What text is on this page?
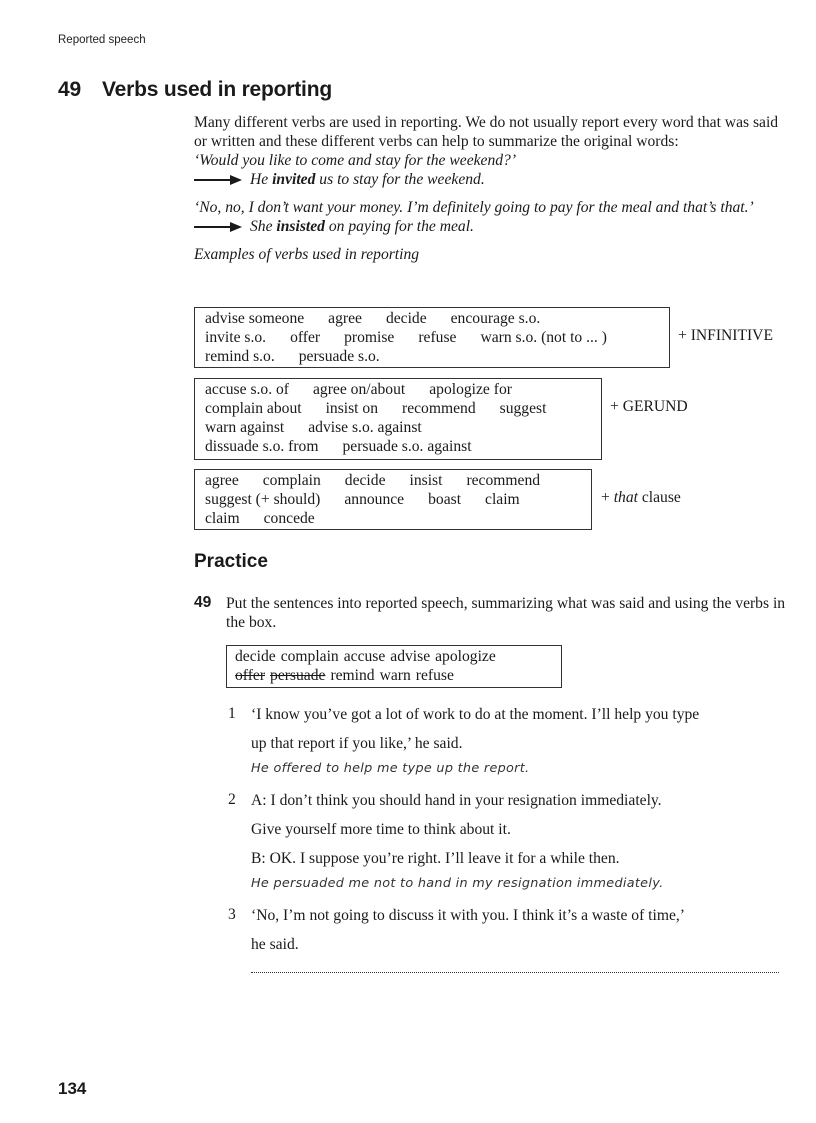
Reported speech
49 Verbs used in reporting
Many different verbs are used in reporting. We do not usually report every word that was said or written and these different verbs can help to summarize the original words:
‘Would you like to come and stay for the weekend?’
He invited us to stay for the weekend.
‘No, no, I don’t want your money. I’m definitely going to pay for the meal and that’s that.’
She insisted on paying for the meal.
Examples of verbs used in reporting
advise someone agree decide encourage s.o.
invite s.o. offer promise refuse warn s.o. (not to ... )
remind s.o. persuade s.o.
+ INFINITIVE
accuse s.o. of agree on/about apologize for
complain about insist on recommend suggest
warn against advise s.o. against
dissuade s.o. from persuade s.o. against
+ GERUND
agree complain decide insist recommend
suggest (+ should) announce boast claim
claim concede
+ that clause
Practice
49 Put the sentences into reported speech, summarizing what was said and using the verbs in the box.
decide complain accuse advise apologize
offer persuade remind warn refuse
1 ‘I know you’ve got a lot of work to do at the moment. I’ll help you type
up that report if you like,’ he said.
He offered to help me type up the report.
2 A: I don’t think you should hand in your resignation immediately.
Give yourself more time to think about it.
B: OK. I suppose you’re right. I’ll leave it for a while then.
He persuaded me not to hand in my resignation immediately.
3 ‘No, I’m not going to discuss it with you. I think it’s a waste of time,’
he said.
134
